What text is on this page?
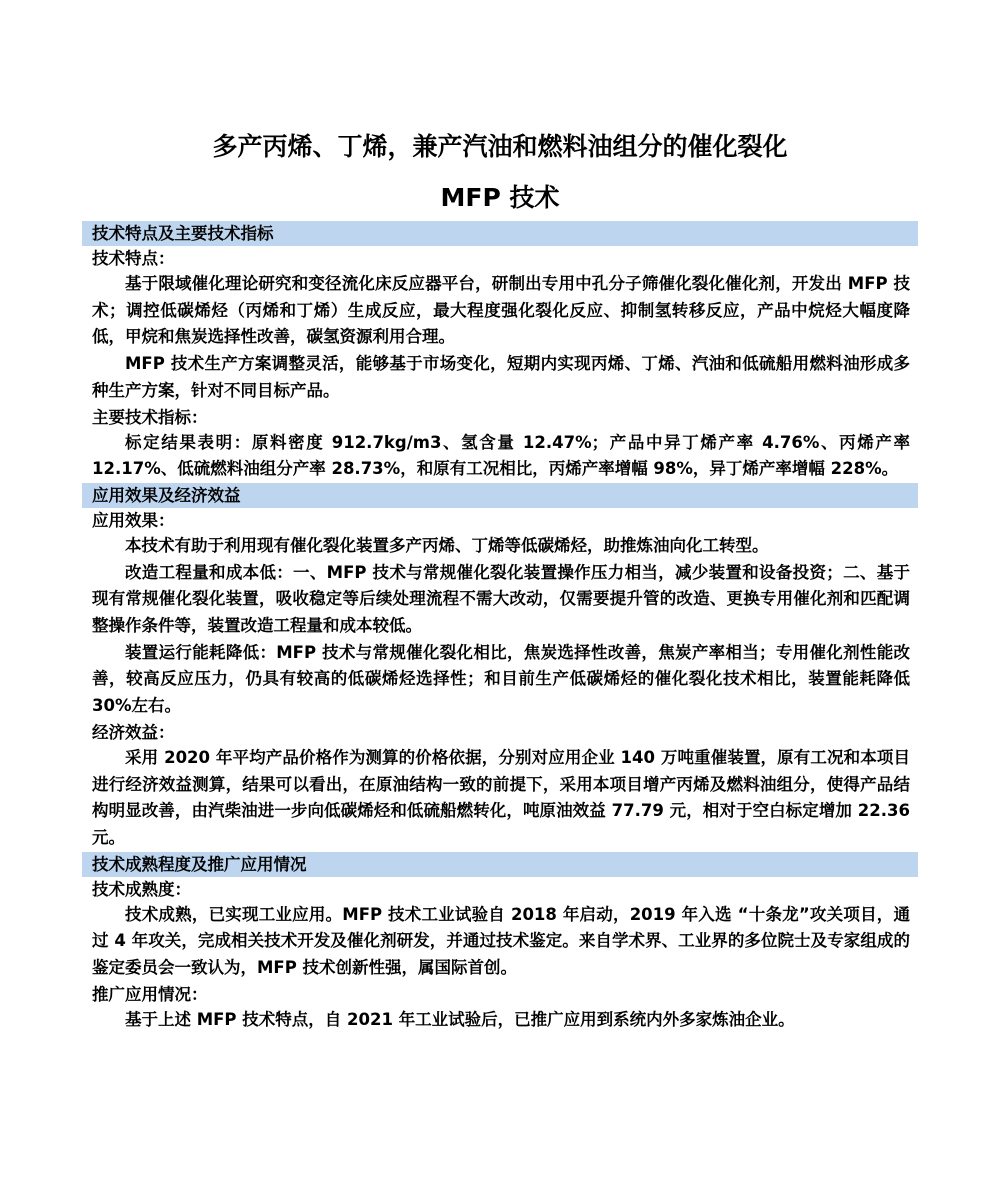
多产丙烯、丁烯，兼产汽油和燃料油组分的催化裂化
MFP 技术
技术特点及主要技术指标
技术特点：

基于限域催化理论研究和变径流化床反应器平台，研制出专用中孔分子筛催化裂化催化剂，开发出 MFP 技术；调控低碳烯烃（丙烯和丁烯）生成反应，最大程度强化裂化反应、抑制氢转移反应，产品中烷烃大幅度降低，甲烷和焦炭选择性改善，碳氢资源利用合理。

MFP 技术生产方案调整灵活，能够基于市场变化，短期内实现丙烯、丁烯、汽油和低硫船用燃料油形成多种生产方案，针对不同目标产品。

主要技术指标：

标定结果表明：原料密度 912.7kg/m3、氢含量 12.47%；产品中异丁烯产率 4.76%、丙烯产率 12.17%、低硫燃料油组分产率 28.73%，和原有工况相比，丙烯产率增幅 98%，异丁烯产率增幅 228%。

应用效果及经济效益
应用效果：

本技术有助于利用现有催化裂化装置多产丙烯、丁烯等低碳烯烃，助推炼油向化工转型。

改造工程量和成本低：一、MFP 技术与常规催化裂化装置操作压力相当，减少装置和设备投资；二、基于现有常规催化裂化装置，吸收稳定等后续处理流程不需大改动，仅需要提升管的改造、更换专用催化剂和匹配调整操作条件等，装置改造工程量和成本较低。

装置运行能耗降低：MFP 技术与常规催化裂化相比，焦炭选择性改善，焦炭产率相当；专用催化剂性能改善，较高反应压力，仍具有较高的低碳烯烃选择性；和目前生产低碳烯烃的催化裂化技术相比，装置能耗降低 30%左右。

经济效益：

采用 2020 年平均产品价格作为测算的价格依据，分别对应用企业 140 万吨重催装置，原有工况和本项目进行经济效益测算，结果可以看出，在原油结构一致的前提下，采用本项目增产丙烯及燃料油组分，使得产品结构明显改善，由汽柴油进一步向低碳烯烃和低硫船燃转化，吨原油效益 77.79 元，相对于空白标定增加 22.36 元。

技术成熟程度及推广应用情况
技术成熟度：

技术成熟，已实现工业应用。MFP 技术工业试验自 2018 年启动，2019 年入选 “十条龙”攻关项目，通过 4 年攻关，完成相关技术开发及催化剂研发，并通过技术鉴定。来自学术界、工业界的多位院士及专家组成的鉴定委员会一致认为，MFP 技术创新性强，属国际首创。

推广应用情况：

基于上述 MFP 技术特点，自 2021 年工业试验后，已推广应用到系统内外多家炼油企业。
